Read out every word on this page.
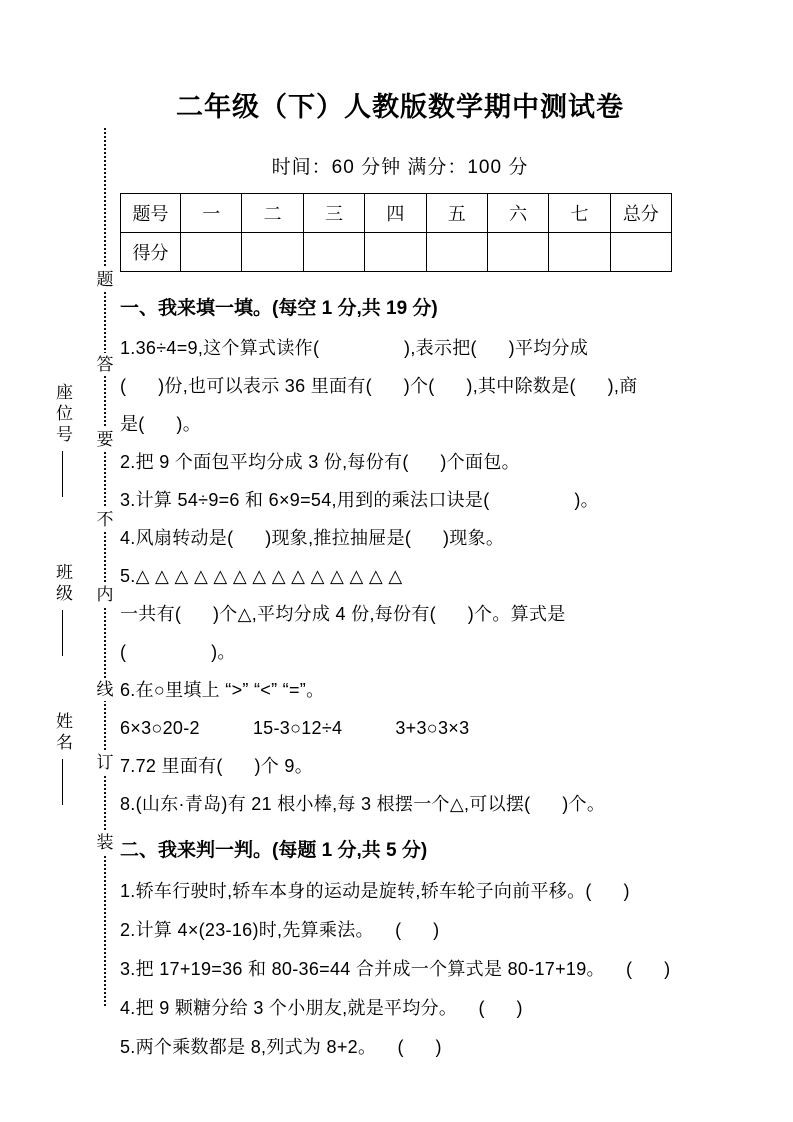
题
答
要
不
内
线
订
装
座位号
班级
姓名
二年级（下）人教版数学期中测试卷
时间：60 分钟 满分：100 分
题号	一	二	三	四	五	六	七	总分
得分								
一、我来填一填。(每空 1 分,共 19 分)
1.36÷4=9,这个算式读作(                ),表示把(      )平均分成
(      )份,也可以表示 36 里面有(      )个(      ),其中除数是(      ),商
是(      )。
2.把 9 个面包平均分成 3 份,每份有(      )个面包。
3.计算 54÷9=6 和 6×9=54,用到的乘法口诀是(                )。
4.风扇转动是(      )现象,推拉抽屉是(      )现象。
5.△ △ △ △ △ △ △ △ △ △ △ △ △ △
一共有(      )个△,平均分成 4 份,每份有(      )个。算式是
(                )。
6.在○里填上 “>” “<” “=”。
6×3○20-2          15-3○12÷4          3+3○3×3
7.72 里面有(      )个 9。
8.(山东·青岛)有 21 根小棒,每 3 根摆一个△,可以摆(      )个。
二、我来判一判。(每题 1 分,共 5 分)
1.轿车行驶时,轿车本身的运动是旋转,轿车轮子向前平移。(      )
2.计算 4×(23-16)时,先算乘法。    (      )
3.把 17+19=36 和 80-36=44 合并成一个算式是 80-17+19。    (      )
4.把 9 颗糖分给 3 个小朋友,就是平均分。    (      )
5.两个乘数都是 8,列式为 8+2。    (      )
